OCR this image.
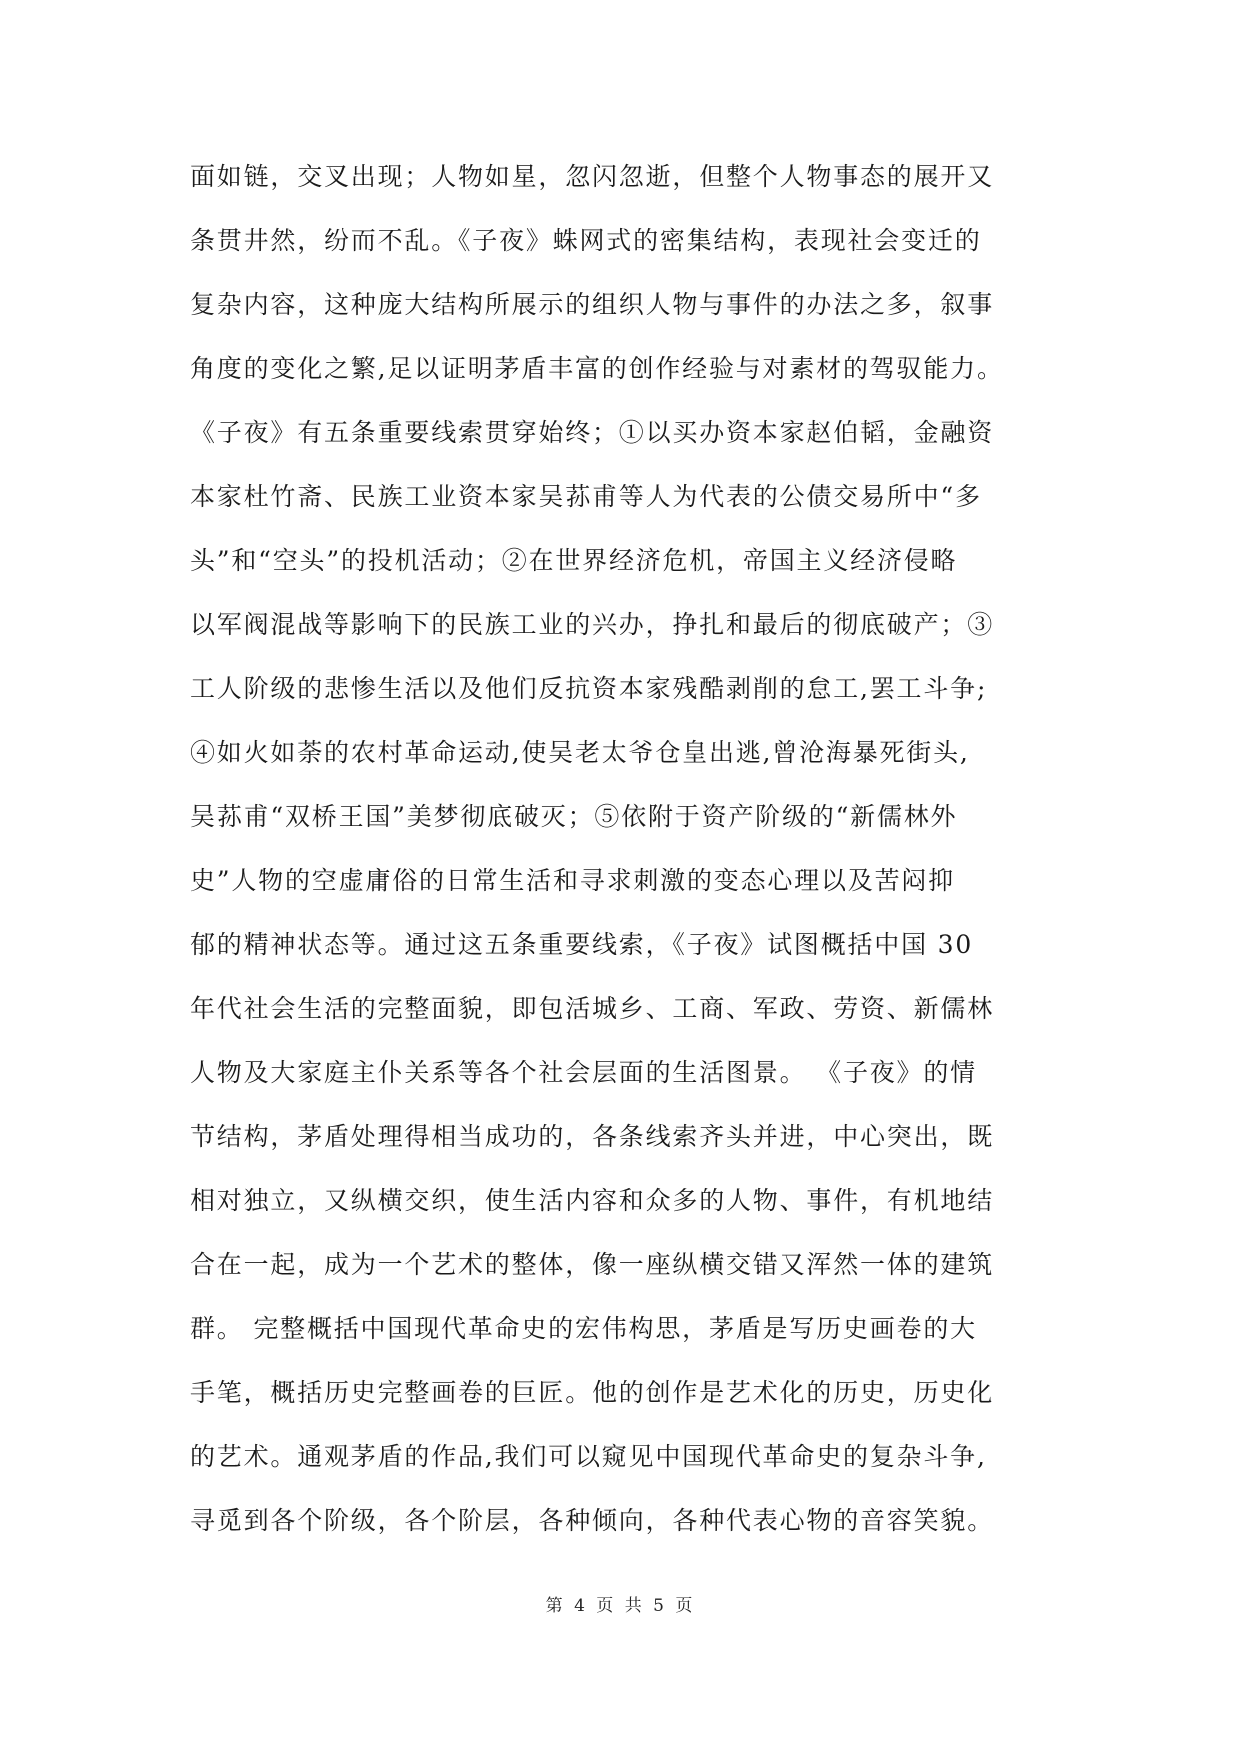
面如链，交叉出现；人物如星，忽闪忽逝，但整个人物事态的展开又
条贯井然，纷而不乱。《子夜》蛛网式的密集结构，表现社会变迁的
复杂内容，这种庞大结构所展示的组织人物与事件的办法之多，叙事
角度的变化之繁,足以证明茅盾丰富的创作经验与对素材的驾驭能力。
《子夜》有五条重要线索贯穿始终；①以买办资本家赵伯韬，金融资
本家杜竹斋、民族工业资本家吴荪甫等人为代表的公债交易所中“多
头”和“空头”的投机活动；②在世界经济危机，帝国主义经济侵略
以军阀混战等影响下的民族工业的兴办，挣扎和最后的彻底破产；③
工人阶级的悲惨生活以及他们反抗资本家残酷剥削的怠工,罢工斗争;
④如火如荼的农村革命运动,使吴老太爷仓皇出逃,曾沧海暴死街头,
吴荪甫“双桥王国”美梦彻底破灭；⑤依附于资产阶级的“新儒林外
史”人物的空虚庸俗的日常生活和寻求刺激的变态心理以及苦闷抑
郁的精神状态等。通过这五条重要线索，《子夜》试图概括中国 30
年代社会生活的完整面貌，即包活城乡、工商、军政、劳资、新儒林
人物及大家庭主仆关系等各个社会层面的生活图景。 《子夜》的情
节结构，茅盾处理得相当成功的，各条线索齐头并进，中心突出，既
相对独立，又纵横交织，使生活内容和众多的人物、事件，有机地结
合在一起，成为一个艺术的整体，像一座纵横交错又浑然一体的建筑
群。 完整概括中国现代革命史的宏伟构思，茅盾是写历史画卷的大
手笔，概括历史完整画卷的巨匠。他的创作是艺术化的历史，历史化
的艺术。通观茅盾的作品,我们可以窥见中国现代革命史的复杂斗争,
寻觅到各个阶级，各个阶层，各种倾向，各种代表心物的音容笑貌。
第 4 页 共 5 页
